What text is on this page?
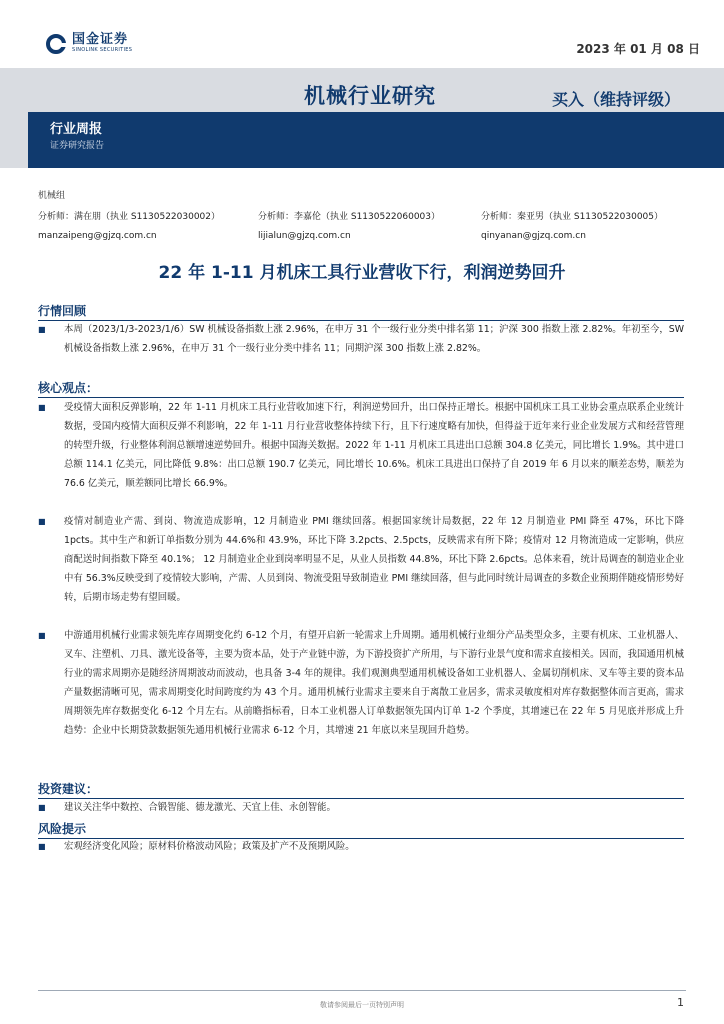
国金证券
SINOLINK SECURITIES	2023 年 01 月 08 日
机械行业研究	买入（维持评级）
行业周报
证券研究报告
机械组
分析师：满在朋（执业 S1130522030002）	分析师：李嘉伦（执业 S1130522060003）	分析师：秦亚男（执业 S1130522030005）
manzaipeng@gjzq.com.cn	lijialun@gjzq.com.cn	qinyanan@gjzq.com.cn
22 年 1-11 月机床工具行业营收下行，利润逆势回升
行情回顾
■	本周（2023/1/3-2023/1/6）SW 机械设备指数上涨 2.96%，在申万 31 个一级行业分类中排名第 11；沪深 300 指数上涨 2.82%。年初至今，SW 机械设备指数上涨 2.96%，在申万 31 个一级行业分类中排名 11；同期沪深 300 指数上涨 2.82%。
核心观点：
■	受疫情大面积反弹影响，22 年 1-11 月机床工具行业营收加速下行，利润逆势回升，出口保持正增长。根据中国机床工具工业协会重点联系企业统计数据，受国内疫情大面积反弹不利影响，22 年 1-11 月行业营收整体持续下行，且下行速度略有加快，但得益于近年来行业企业发展方式和经营管理的转型升级，行业整体利润总额增速逆势回升。根据中国海关数据。2022 年 1-11 月机床工具进出口总额 304.8 亿美元，同比增长 1.9%。其中进口总额 114.1 亿美元，同比降低 9.8%：出口总额 190.7 亿美元，同比增长 10.6%。机床工具进出口保持了自 2019 年 6 月以来的顺差态势，顺差为 76.6 亿美元，顺差额同比增长 66.9%。
■	疫情对制造业产需、到岗、物流造成影响，12 月制造业 PMI 继续回落。根据国家统计局数据，22 年 12 月制造业 PMI 降至 47%，环比下降 1pcts。其中生产和新订单指数分别为 44.6%和 43.9%，环比下降 3.2pcts、2.5pcts，反映需求有所下降；疫情对 12 月物流造成一定影响，供应商配送时间指数下降至 40.1%； 12 月制造业企业到岗率明显不足，从业人员指数 44.8%，环比下降 2.6pcts。总体来看，统计局调查的制造业企业中有 56.3%反映受到了疫情较大影响，产需、人员到岗、物流受阻导致制造业 PMI 继续回落，但与此同时统计局调查的多数企业预期伴随疫情形势好转，后期市场走势有望回暖。
■	中游通用机械行业需求领先库存周期变化约 6-12 个月，有望开启新一轮需求上升周期。通用机械行业细分产品类型众多，主要有机床、工业机器人、叉车、注塑机、刀具、激光设备等，主要为资本品，处于产业链中游，为下游投资扩产所用，与下游行业景气度和需求直接相关。因而，我国通用机械行业的需求周期亦是随经济周期波动而波动，也具备 3-4 年的规律。我们观测典型通用机械设备如工业机器人、金属切削机床、叉车等主要的资本品产量数据清晰可见，需求周期变化时间跨度约为 43 个月。通用机械行业需求主要来自于离散工业居多，需求灵敏度相对库存数据整体而言更高，需求周期领先库存数据变化 6-12 个月左右。从前瞻指标看，日本工业机器人订单数据领先国内订单 1-2 个季度，其增速已在 22 年 5 月见底并形成上升趋势：企业中长期贷款数据领先通用机械行业需求 6-12 个月，其增速 21 年底以来呈现回升趋势。
投资建议：
■	建议关注华中数控、合锻智能、德龙激光、天宜上佳、永创智能。
风险提示
■	宏观经济变化风险；原材料价格波动风险；政策及扩产不及预期风险。
敬请参阅最后一页特别声明	1
